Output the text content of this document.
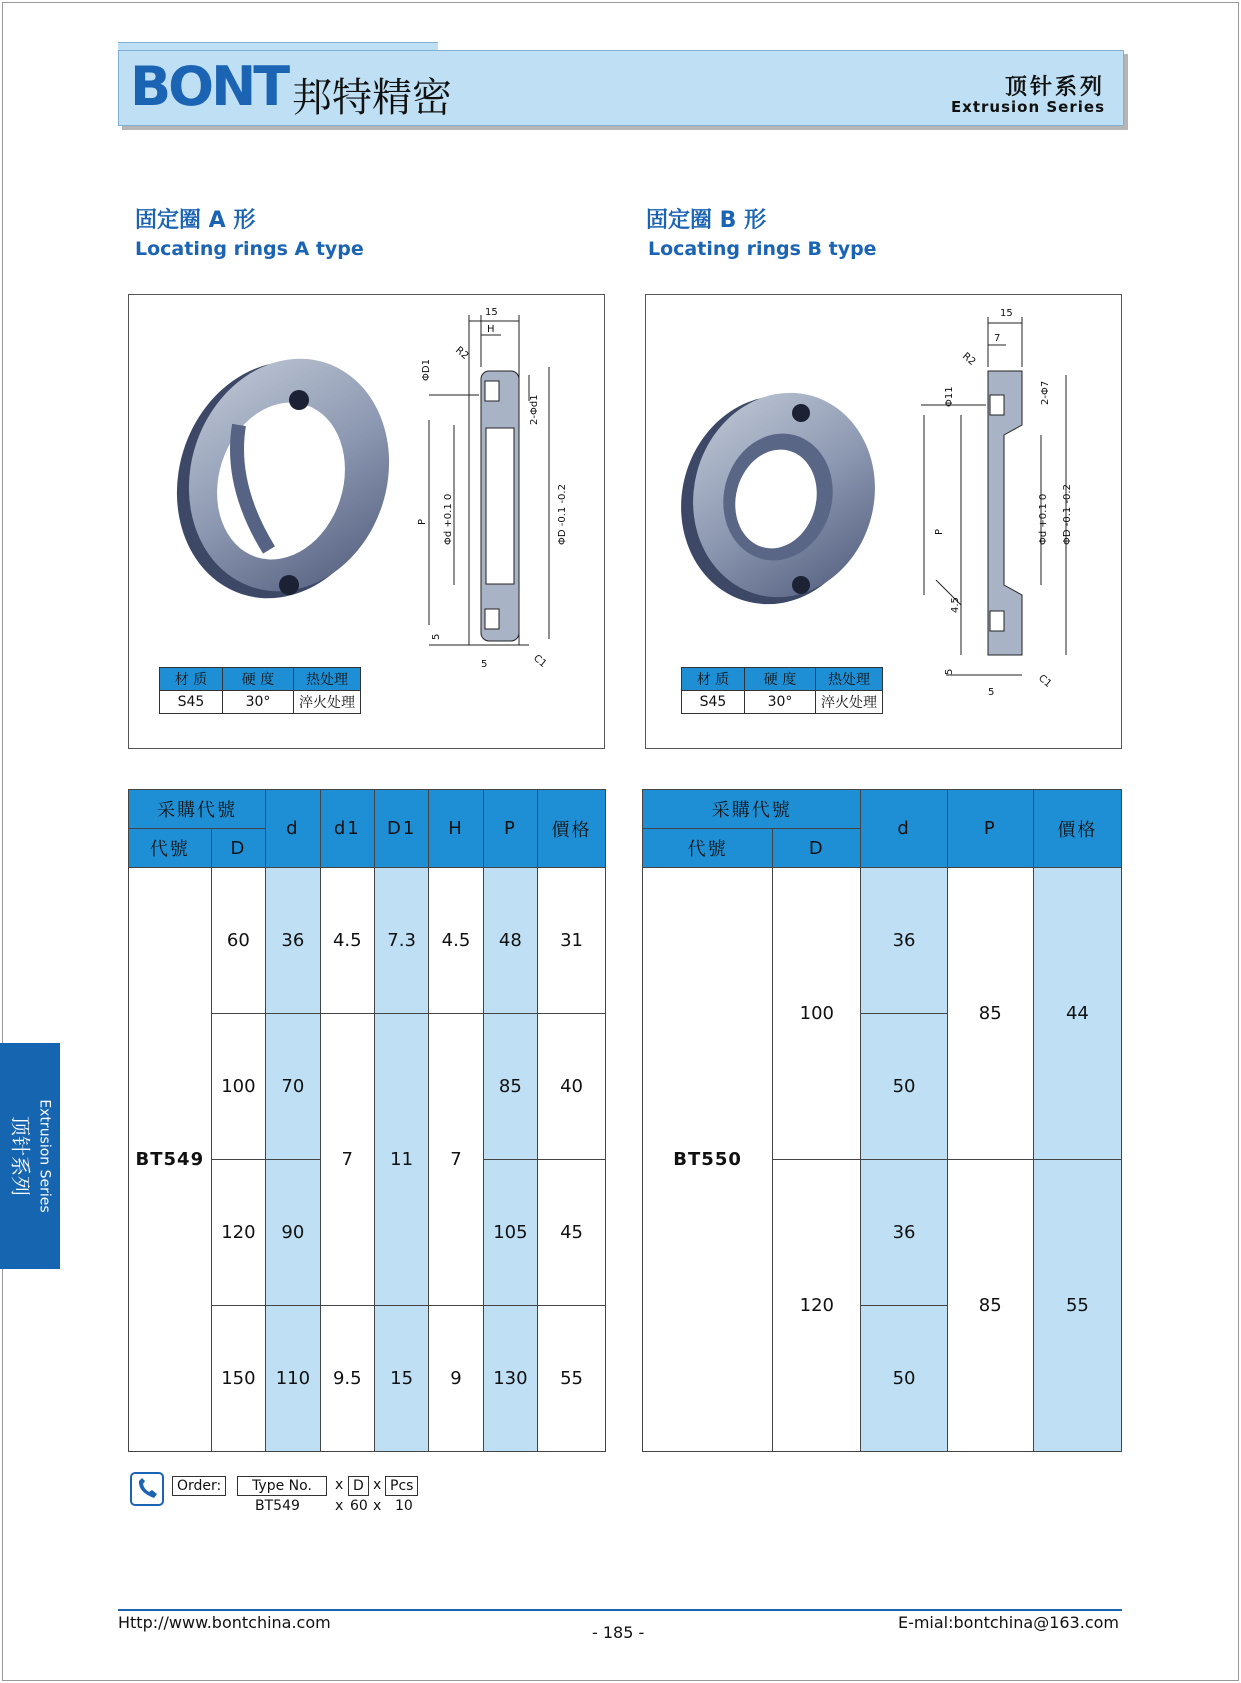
BONT 邦特精密	顶针系列
Extrusion Series
固定圈 A 形
Locating rings A type
固定圈 B 形
Locating rings B type
15
H
R2
ΦD1
2-Φd1
P Φd +0.1 0	ΦD -0.1 -0.2
5
5	C1
材 质	硬 度	热处理
S45	30°	淬火处理
15
7
R2
Φ11	2-Φ7
P	Φd +0.1 0 ΦD -0.1 -0.2
4.5
5
5
C1
材 质	硬 度	热处理
S45	30°	淬火处理
采購代號		d	d1	D1	H	P	價格
代號	D						
BT549	60	36	4.5	7.3	4.5	48	31
	100	70	7	11	7	85	40
	120	90				105	45
	150	110	9.5	15	9	130	55
采購代號		d	P	價格
代號	D			
BT550	100	36	85	44
		50		
	120	36	85	55
		50		
Extrusion Series
顶针系列
Order:	Type No.	x D x Pcs
BT549	x 60 x 10
Http://www.bontchina.com
- 185 -
E-mial:bontchina@163.com
